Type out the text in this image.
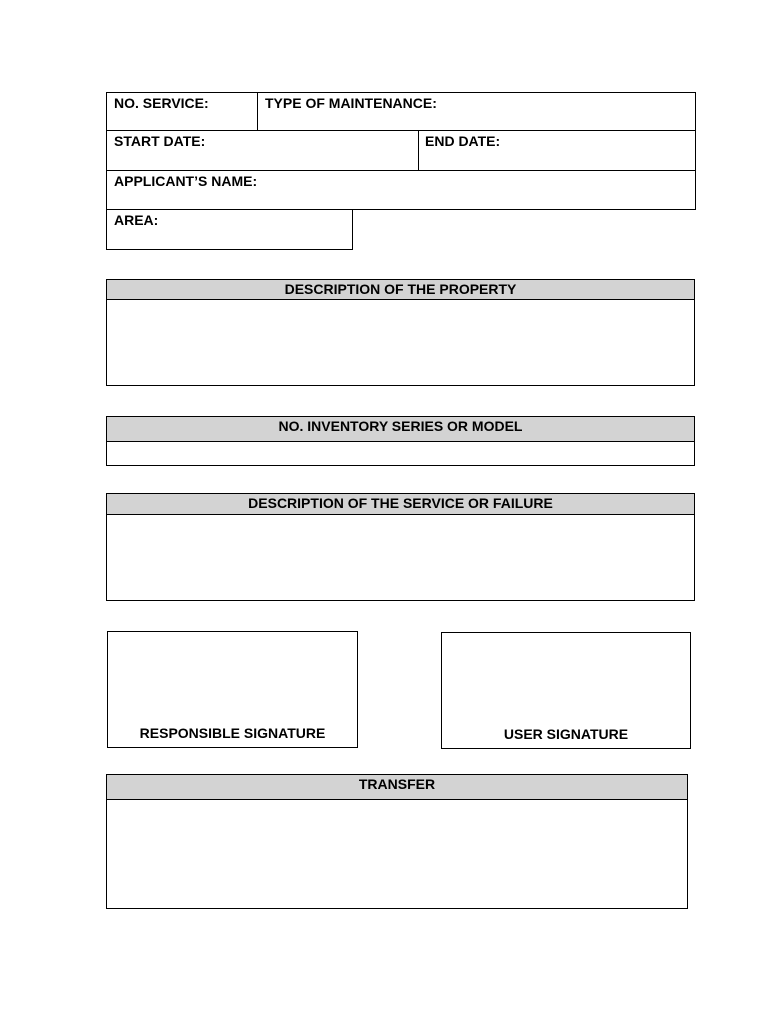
NO. SERVICE:	TYPE OF MAINTENANCE:
START DATE:	END DATE:
APPLICANT’S NAME:
AREA:
DESCRIPTION OF THE PROPERTY
NO. INVENTORY SERIES OR MODEL
DESCRIPTION OF THE SERVICE OR FAILURE
RESPONSIBLE SIGNATURE	USER SIGNATURE
TRANSFER
